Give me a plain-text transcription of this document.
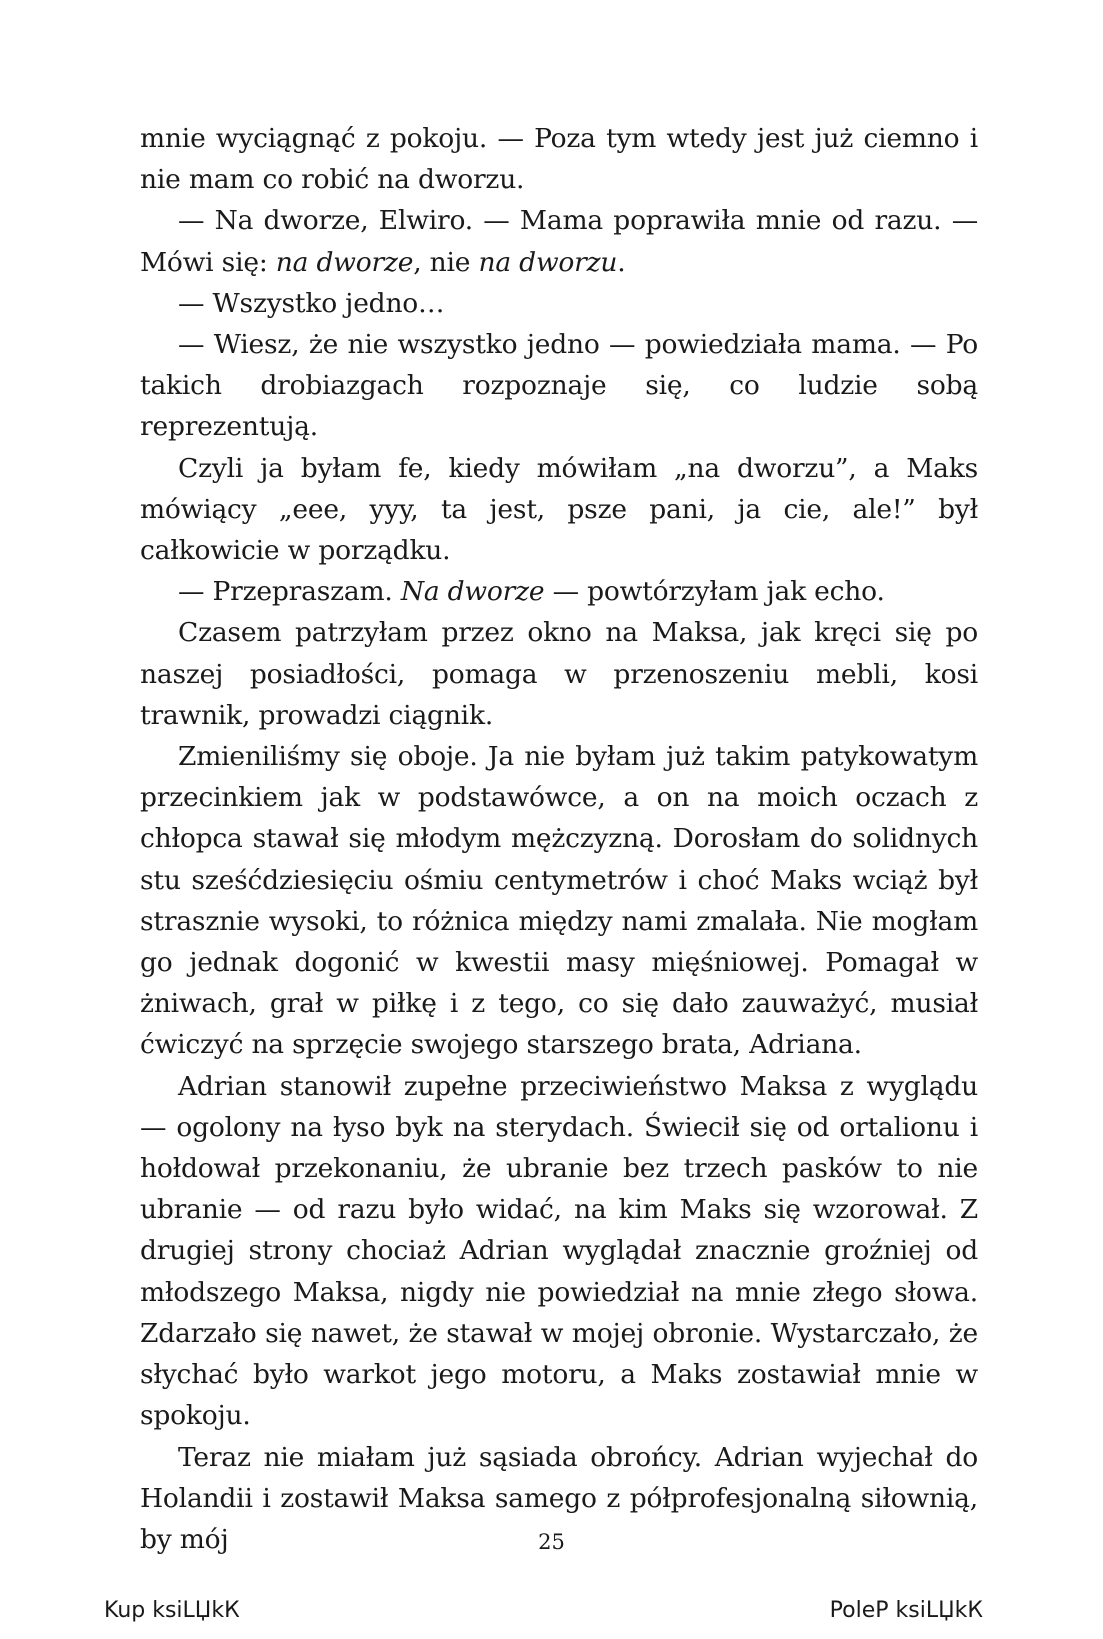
mnie wyciągnąć z pokoju. — Poza tym wtedy jest już ciemno i nie mam co robić na dworzu.

— Na dworze, Elwiro. — Mama poprawiła mnie od razu. — Mówi się: na dworze, nie na dworzu.

— Wszystko jedno…

— Wiesz, że nie wszystko jedno — powiedziała mama. — Po takich drobiazgach rozpoznaje się, co ludzie sobą reprezentują.

Czyli ja byłam fe, kiedy mówiłam „na dworzu”, a Maks mówiący „eee, yyy, ta jest, psze pani, ja cie, ale!” był całkowicie w porządku.

— Przepraszam. Na dworze — powtórzyłam jak echo.

Czasem patrzyłam przez okno na Maksa, jak kręci się po naszej posiadłości, pomaga w przenoszeniu mebli, kosi trawnik, prowadzi ciągnik.

Zmieniliśmy się oboje. Ja nie byłam już takim patykowatym przecinkiem jak w podstawówce, a on na moich oczach z chłopca stawał się młodym mężczyzną. Dorosłam do solidnych stu sześćdziesięciu ośmiu centymetrów i choć Maks wciąż był strasznie wysoki, to różnica między nami zmalała. Nie mogłam go jednak dogonić w kwestii masy mięśniowej. Pomagał w żniwach, grał w piłkę i z tego, co się dało zauważyć, musiał ćwiczyć na sprzęcie swojego starszego brata, Adriana.

Adrian stanowił zupełne przeciwieństwo Maksa z wyglądu — ogolony na łyso byk na sterydach. Świecił się od ortalionu i hołdował przekonaniu, że ubranie bez trzech pasków to nie ubranie — od razu było widać, na kim Maks się wzorował. Z drugiej strony chociaż Adrian wyglądał znacznie groźniej od młodszego Maksa, nigdy nie powiedział na mnie złego słowa. Zdarzało się nawet, że stawał w mojej obronie. Wystarczało, że słychać było warkot jego motoru, a Maks zostawiał mnie w spokoju.

Teraz nie miałam już sąsiada obrońcy. Adrian wyjechał do Holandii i zostawił Maksa samego z półprofesjonalną siłownią, by mój	25
Kup ksiLЏkК	PoleР ksiLЏkК
